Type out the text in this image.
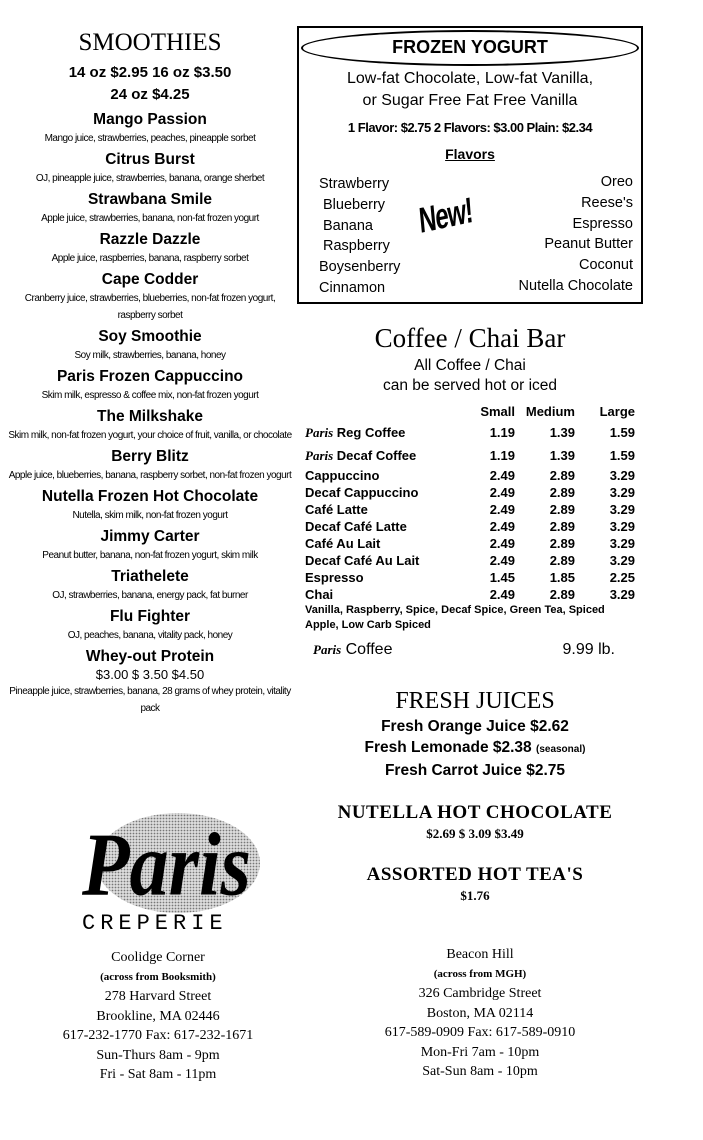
SMOOTHIES
14 oz $2.95 16 oz $3.50
24 oz $4.25
Mango Passion
Mango juice, strawberries, peaches, pineapple sorbet
Citrus Burst
OJ, pineapple juice, strawberries, banana, orange sherbet
Strawbana Smile
Apple juice, strawberries, banana, non-fat frozen yogurt
Razzle Dazzle
Apple juice, raspberries, banana, raspberry sorbet
Cape Codder
Cranberry juice, strawberries, blueberries, non-fat frozen yogurt, raspberry sorbet
Soy Smoothie
Soy milk, strawberries, banana, honey
Paris Frozen Cappuccino
Skim milk, espresso & coffee mix, non-fat frozen yogurt
The Milkshake
Skim milk, non-fat frozen yogurt, your choice of fruit, vanilla, or chocolate
Berry Blitz
Apple juice, blueberries, banana, raspberry sorbet, non-fat frozen yogurt
Nutella Frozen Hot Chocolate
Nutella, skim milk, non-fat frozen yogurt
Jimmy Carter
Peanut butter, banana, non-fat frozen yogurt, skim milk
Triathelete
OJ, strawberries, banana, energy pack, fat burner
Flu Fighter
OJ, peaches, banana, vitality pack, honey
Whey-out Protein
$3.00 $ 3.50 $4.50
Pineapple juice, strawberries, banana, 28 grams of whey protein, vitality pack
FROZEN YOGURT
Low-fat Chocolate, Low-fat Vanilla,
or Sugar Free Fat Free Vanilla
1 Flavor: $2.75 2 Flavors: $3.00 Plain: $2.34
Flavors
Strawberry
Blueberry
Banana
Raspberry
Boysenberry
Cinnamon
New!
Oreo
Reese's
Espresso
Peanut Butter
Coconut
Nutella Chocolate
Coffee / Chai Bar
All Coffee / Chai
can be served hot or iced
	Small	Medium	Large
Paris Reg Coffee	1.19	1.39	1.59
Paris Decaf Coffee	1.19	1.39	1.59
Cappuccino	2.49	2.89	3.29
Decaf Cappuccino	2.49	2.89	3.29
Café Latte	2.49	2.89	3.29
Decaf Café Latte	2.49	2.89	3.29
Café Au Lait	2.49	2.89	3.29
Decaf Café Au Lait	2.49	2.89	3.29
Espresso	1.45	1.85	2.25
Chai	2.49	2.89	3.29
Vanilla, Raspberry, Spice, Decaf Spice, Green Tea, Spiced Apple, Low Carb Spiced
Paris Coffee	9.99 lb.
FRESH JUICES
Fresh Orange Juice $2.62
Fresh Lemonade $2.38 (seasonal)
Fresh Carrot Juice $2.75
NUTELLA HOT CHOCOLATE
$2.69 $ 3.09 $3.49
ASSORTED HOT TEA'S
$1.76
Paris
CREPERIE
Coolidge Corner
(across from Booksmith)
278 Harvard Street
Brookline, MA 02446
617-232-1770 Fax: 617-232-1671
Sun-Thurs 8am - 9pm
Fri - Sat 8am - 11pm
Beacon Hill
(across from MGH)
326 Cambridge Street
Boston, MA 02114
617-589-0909 Fax: 617-589-0910
Mon-Fri 7am - 10pm
Sat-Sun 8am - 10pm
